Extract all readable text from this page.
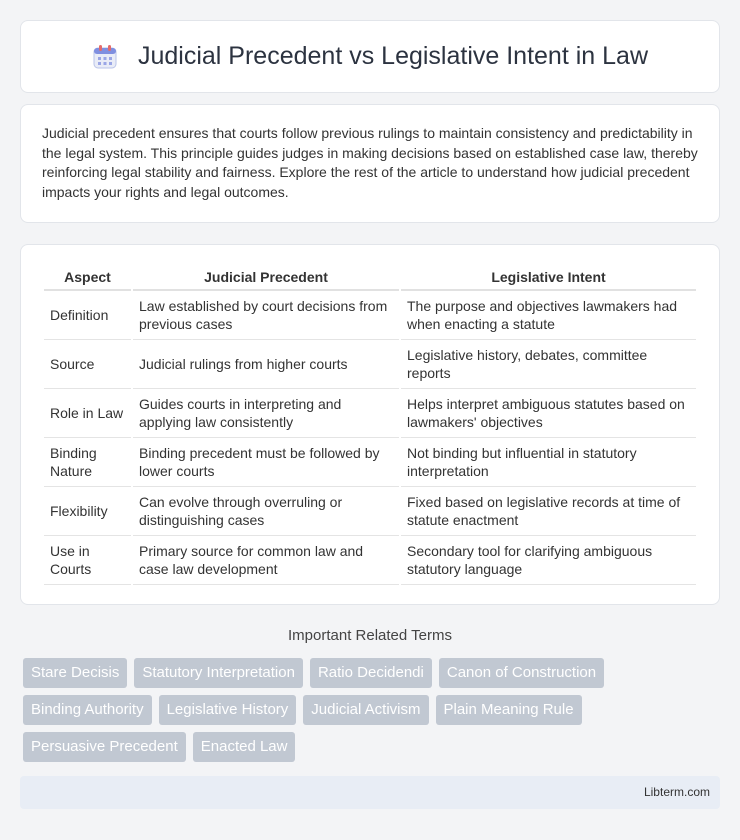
Judicial Precedent vs Legislative Intent in Law

Judicial precedent ensures that courts follow previous rulings to maintain consistency and predictability in the legal system. This principle guides judges in making decisions based on established case law, thereby reinforcing legal stability and fairness. Explore the rest of the article to understand how judicial precedent impacts your rights and legal outcomes.

Aspect	Judicial Precedent	Legislative Intent
Definition	Law established by court decisions from previous cases	The purpose and objectives lawmakers had when enacting a statute
Source	Judicial rulings from higher courts	Legislative history, debates, committee reports
Role in Law	Guides courts in interpreting and applying law consistently	Helps interpret ambiguous statutes based on lawmakers' objectives
Binding Nature	Binding precedent must be followed by lower courts	Not binding but influential in statutory interpretation
Flexibility	Can evolve through overruling or distinguishing cases	Fixed based on legislative records at time of statute enactment
Use in Courts	Primary source for common law and case law development	Secondary tool for clarifying ambiguous statutory language
Important Related Terms
Stare Decisis	Statutory Interpretation	Ratio Decidendi	Canon of Construction
Binding Authority	Legislative History	Judicial Activism	Plain Meaning Rule
Persuasive Precedent	Enacted Law
Libterm.com
